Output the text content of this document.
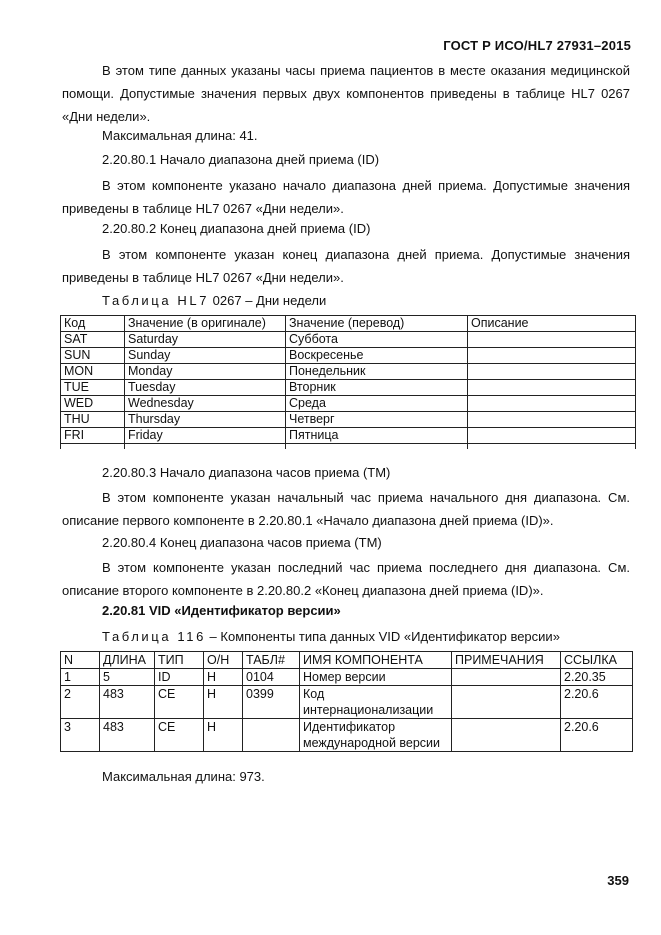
ГОСТ Р ИСО/HL7 27931–2015

В этом типе данных указаны часы приема пациентов в месте оказания медицинской помощи. Допустимые значения первых двух компонентов приведены в таблице HL7 0267 «Дни недели».

Максимальная длина: 41.

2.20.80.1 Начало диапазона дней приема (ID)

В этом компоненте указано начало диапазона дней приема. Допустимые значения приведены в таблице HL7 0267 «Дни недели».

2.20.80.2 Конец диапазона дней приема (ID)

В этом компоненте указан конец диапазона дней приема. Допустимые значения приведены в таблице HL7 0267 «Дни недели».

Таблица HL7 0267 – Дни недели
Код	Значение (в оригинале)	Значение (перевод)	Описание
SAT	Saturday	Суббота	
SUN	Sunday	Воскресенье	
MON	Monday	Понедельник	
TUE	Tuesday	Вторник	
WED	Wednesday	Среда	
THU	Thursday	Четверг	
FRI	Friday	Пятница	

2.20.80.3 Начало диапазона часов приема (TM)

В этом компоненте указан начальный час приема начального дня диапазона. См. описание первого компоненте в 2.20.80.1 «Начало диапазона дней приема (ID)».

2.20.80.4 Конец диапазона часов приема (TM)

В этом компоненте указан последний час приема последнего дня диапазона. См. описание второго компоненте в 2.20.80.2 «Конец диапазона дней приема (ID)».

2.20.81 VID «Идентификатор версии»

Таблица 116 – Компоненты типа данных VID «Идентификатор версии»
N	ДЛИНА	ТИП	О/Н	ТАБЛ#	ИМЯ КОМПОНЕНТА	ПРИМЕЧАНИЯ	ССЫЛКА
1	5	ID	Н	0104	Номер версии		2.20.35
2	483	CE	Н	0399	Код интернационализации		2.20.6
3	483	CE	Н		Идентификатор международной версии		2.20.6

Максимальная длина: 973.

359
